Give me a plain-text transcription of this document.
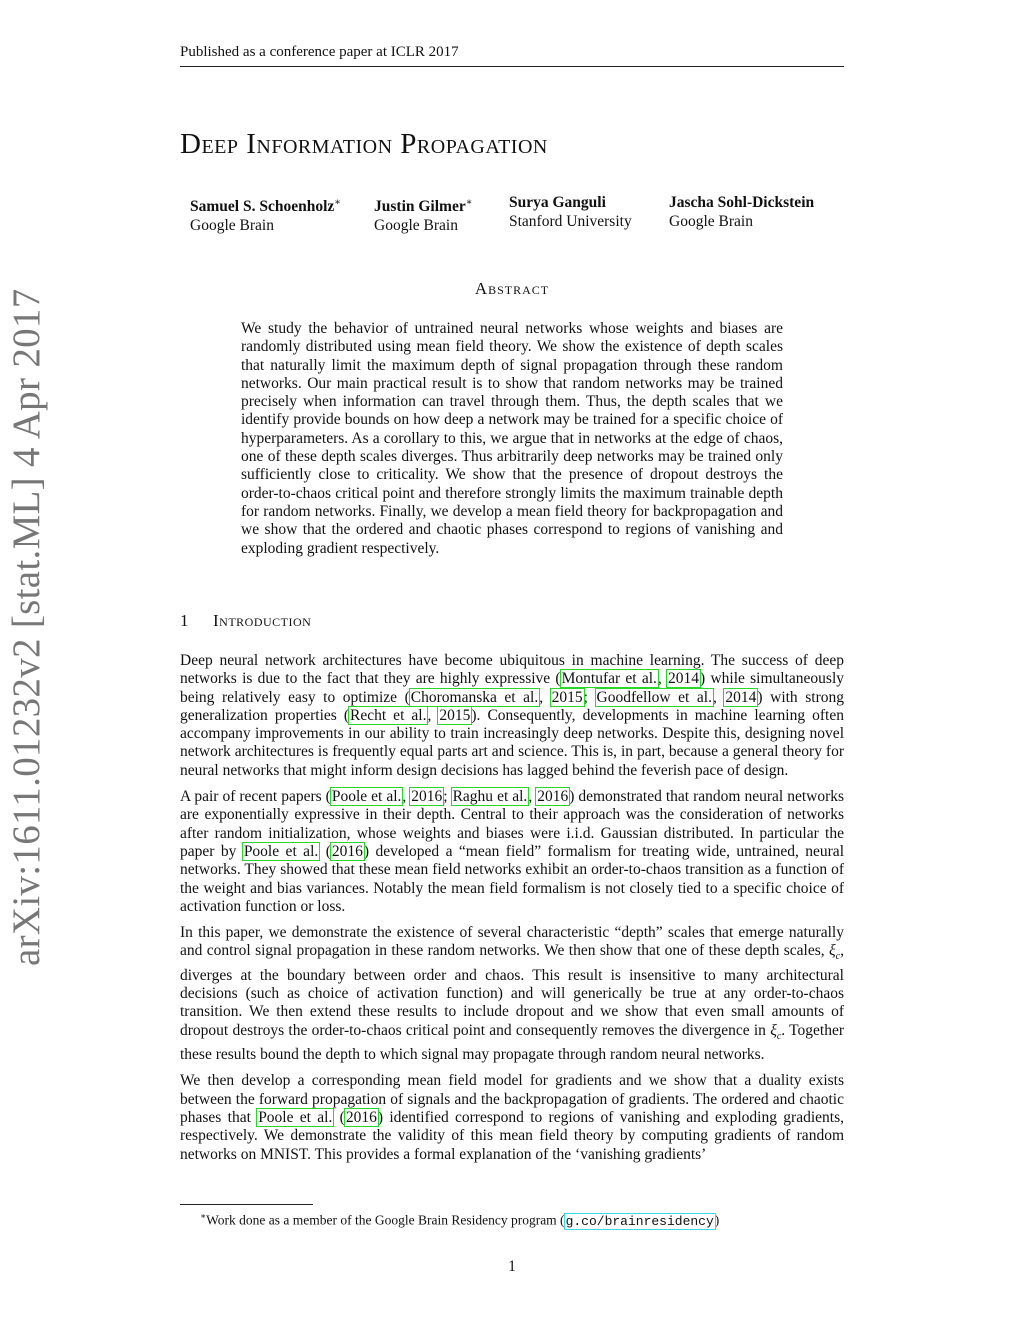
Published as a conference paper at ICLR 2017
arXiv:1611.01232v2 [stat.ML] 4 Apr 2017
Deep Information Propagation
Samuel S. Schoenholz∗
Google Brain
Justin Gilmer∗
Google Brain
Surya Ganguli
Stanford University
Jascha Sohl-Dickstein
Google Brain
Abstract

We study the behavior of untrained neural networks whose weights and biases are randomly distributed using mean field theory. We show the existence of depth scales that naturally limit the maximum depth of signal propagation through these random networks. Our main practical result is to show that random networks may be trained precisely when information can travel through them. Thus, the depth scales that we identify provide bounds on how deep a network may be trained for a specific choice of hyperparameters. As a corollary to this, we argue that in networks at the edge of chaos, one of these depth scales diverges. Thus arbitrarily deep networks may be trained only sufficiently close to criticality. We show that the presence of dropout destroys the order-to-chaos critical point and therefore strongly limits the maximum trainable depth for random networks. Finally, we develop a mean field theory for backpropagation and we show that the ordered and chaotic phases correspond to regions of vanishing and exploding gradient respectively.

1 Introduction

Deep neural network architectures have become ubiquitous in machine learning. The success of deep networks is due to the fact that they are highly expressive (Montufar et al., 2014) while simultaneously being relatively easy to optimize (Choromanska et al., 2015; Goodfellow et al., 2014) with strong generalization properties (Recht et al., 2015). Consequently, developments in machine learning often accompany improvements in our ability to train increasingly deep networks. Despite this, designing novel network architectures is frequently equal parts art and science. This is, in part, because a general theory for neural networks that might inform design decisions has lagged behind the feverish pace of design.

A pair of recent papers (Poole et al., 2016; Raghu et al., 2016) demonstrated that random neural networks are exponentially expressive in their depth. Central to their approach was the consideration of networks after random initialization, whose weights and biases were i.i.d. Gaussian distributed. In particular the paper by Poole et al. (2016) developed a “mean field” formalism for treating wide, untrained, neural networks. They showed that these mean field networks exhibit an order-to-chaos transition as a function of the weight and bias variances. Notably the mean field formalism is not closely tied to a specific choice of activation function or loss.

In this paper, we demonstrate the existence of several characteristic “depth” scales that emerge naturally and control signal propagation in these random networks. We then show that one of these depth scales, $\xi_c$, diverges at the boundary between order and chaos. This result is insensitive to many architectural decisions (such as choice of activation function) and will generically be true at any order-to-chaos transition. We then extend these results to include dropout and we show that even small amounts of dropout destroys the order-to-chaos critical point and consequently removes the divergence in $\xi_c$. Together these results bound the depth to which signal may propagate through random neural networks.

We then develop a corresponding mean field model for gradients and we show that a duality exists between the forward propagation of signals and the backpropagation of gradients. The ordered and chaotic phases that Poole et al. (2016) identified correspond to regions of vanishing and exploding gradients, respectively. We demonstrate the validity of this mean field theory by computing gradients of random networks on MNIST. This provides a formal explanation of the ‘vanishing gradients’

∗Work done as a member of the Google Brain Residency program (g.co/brainresidency)
1
